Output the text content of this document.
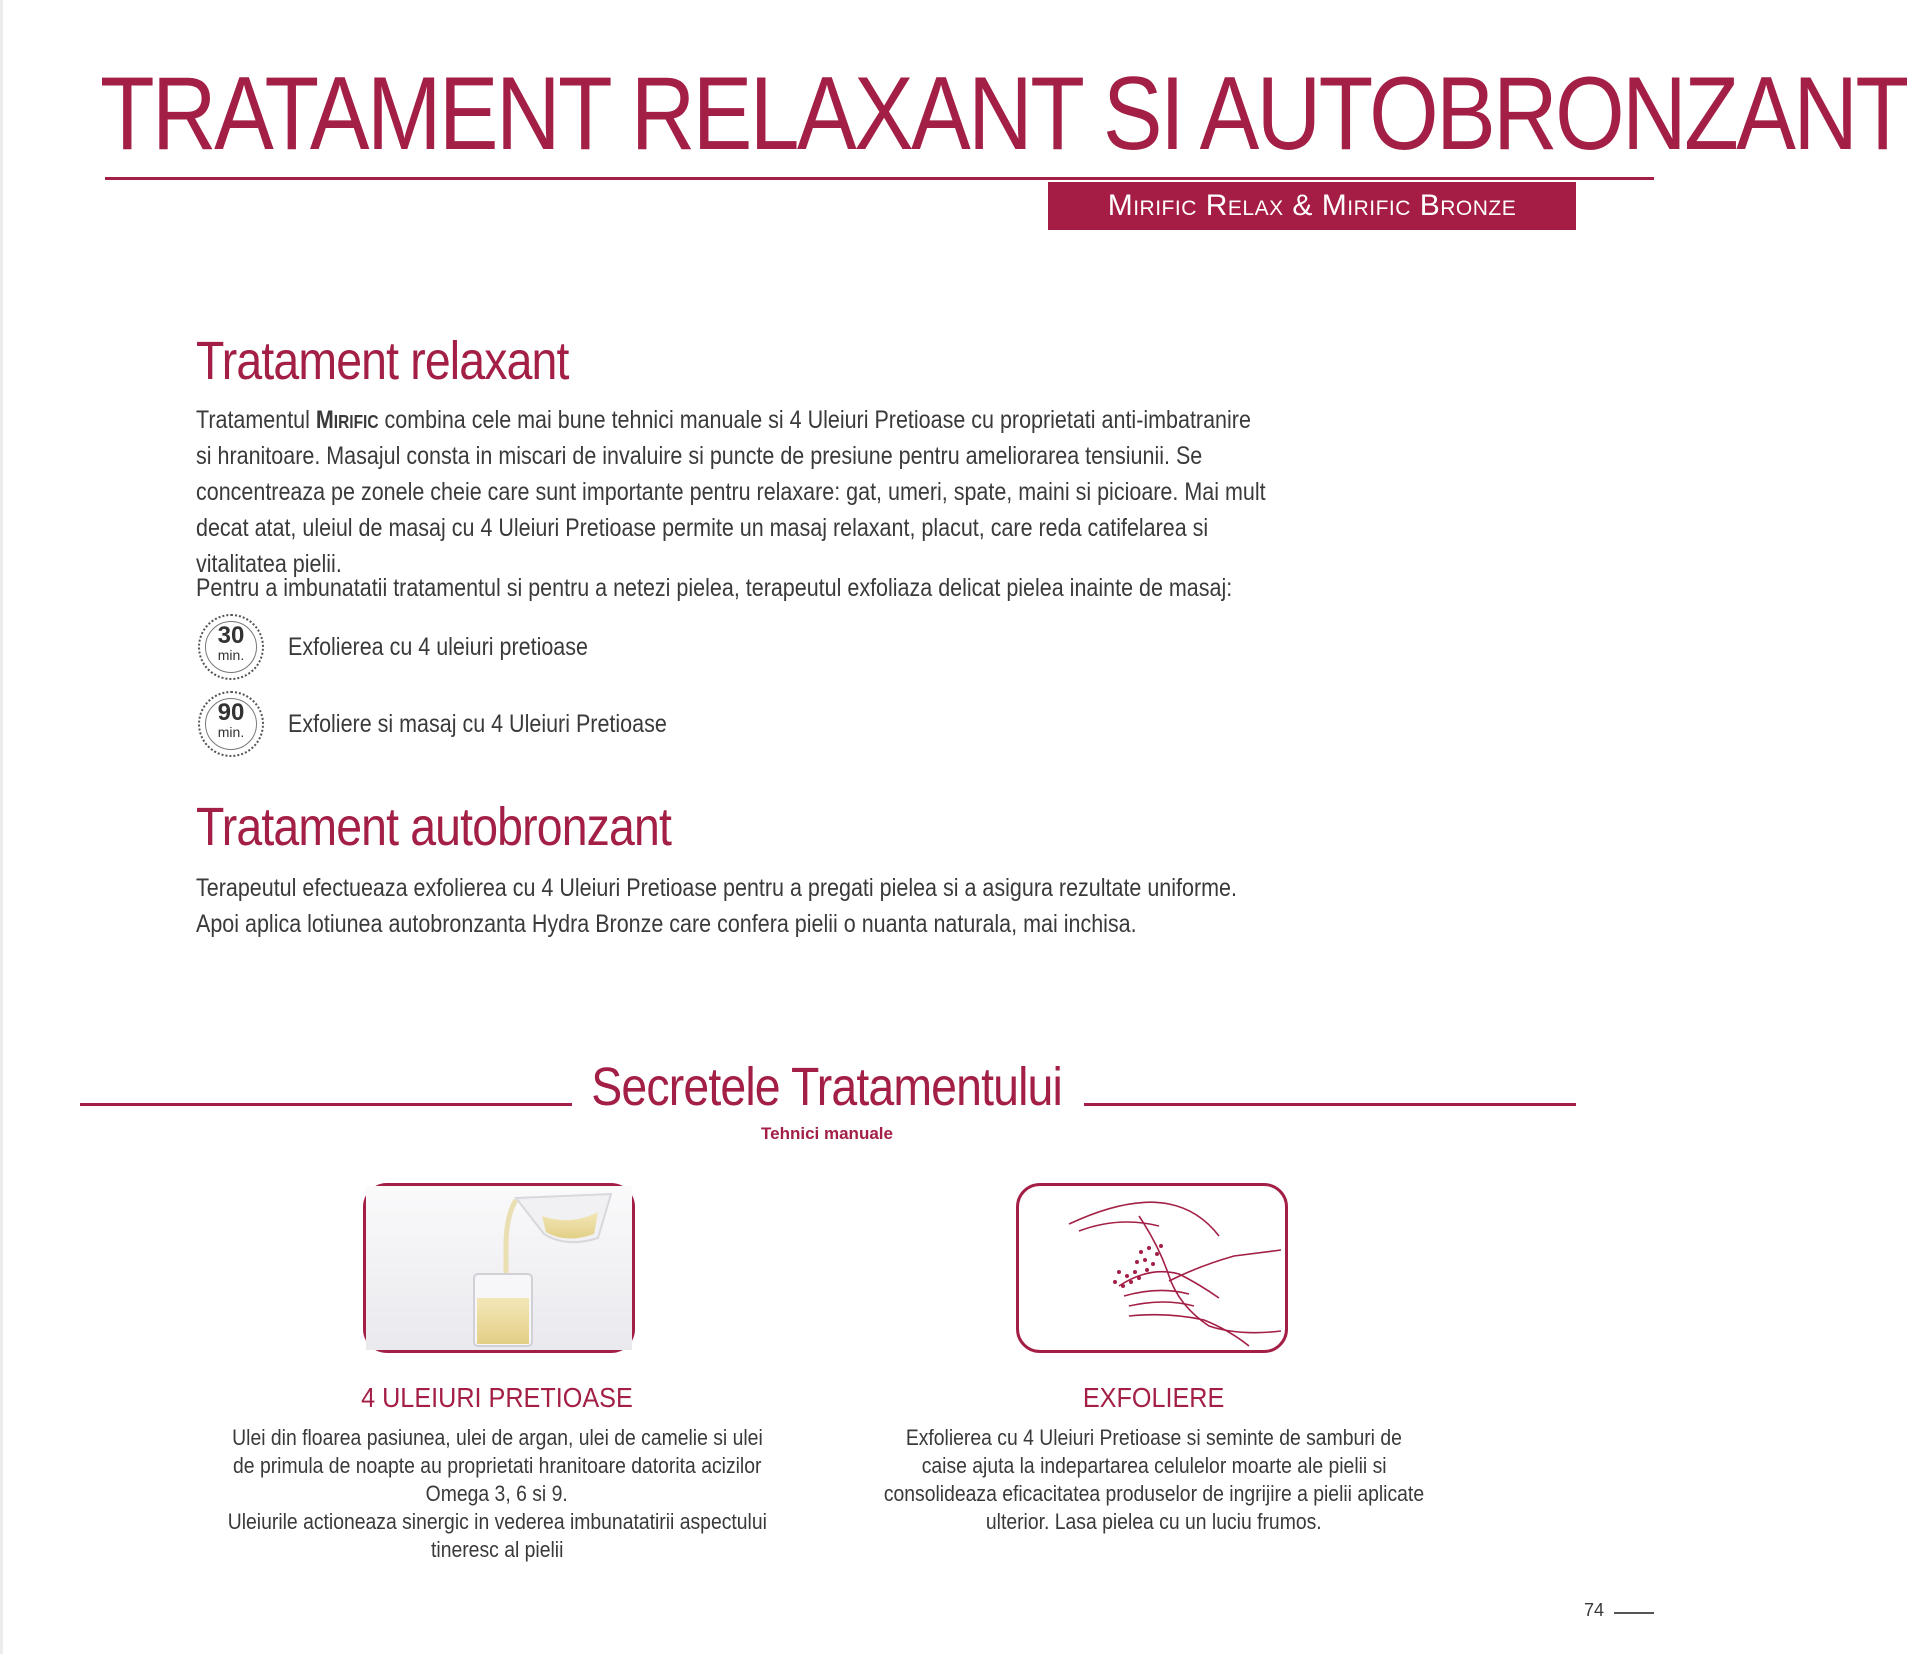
TRATAMENT RELAXANT SI AUTOBRONZANT
Mirific Relax & Mirific Bronze
Tratament relaxant

Tratamentul Mirific combina cele mai bune tehnici manuale si 4 Uleiuri Pretioase cu proprietati anti-imbatranire si hranitoare. Masajul consta in miscari de invaluire si puncte de presiune pentru ameliorarea tensiunii. Se concentreaza pe zonele cheie care sunt importante pentru relaxare: gat, umeri, spate, maini si picioare. Mai mult decat atat, uleiul de masaj cu 4 Uleiuri Pretioase permite un masaj relaxant, placut, care reda catifelarea si vitalitatea pielii.

Pentru a imbunatatii tratamentul si pentru a netezi pielea, terapeutul exfoliaza delicat pielea inainte de masaj:

30
min.	Exfolierea cu 4 uleiuri pretioase
90
min.	Exfoliere si masaj cu 4 Uleiuri Pretioase
Tratament autobronzant

Terapeutul efectueaza exfolierea cu 4 Uleiuri Pretioase pentru a pregati pielea si a asigura rezultate uniforme. Apoi aplica lotiunea autobronzanta Hydra Bronze care confera pielii o nuanta naturala, mai inchisa.

Secretele Tratamentului
Tehnici manuale
4 ULEIURI PRETIOASE

Ulei din floarea pasiunea, ulei de argan, ulei de camelie si ulei

de primula de noapte au proprietati hranitoare datorita acizilor

Omega 3, 6 si 9.

Uleiurile actioneaza sinergic in vederea imbunatatirii aspectului

tineresc al pielii

EXFOLIERE

Exfolierea cu 4 Uleiuri Pretioase si seminte de samburi de

caise ajuta la indepartarea celulelor moarte ale pielii si

consolideaza eficacitatea produselor de ingrijire a pielii aplicate

ulterior. Lasa pielea cu un luciu frumos.

74
